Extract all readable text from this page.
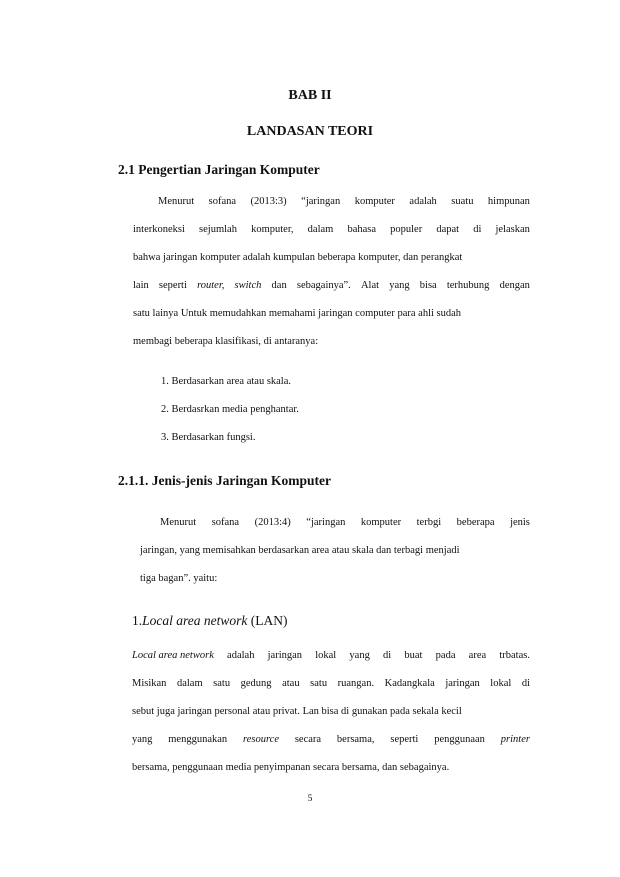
BAB II
LANDASAN TEORI
2.1 Pengertian Jaringan Komputer
Menurut sofana (2013:3) “jaringan komputer adalah suatu himpunan
interkoneksi sejumlah komputer, dalam bahasa populer dapat di jelaskan
bahwa jaringan komputer adalah kumpulan beberapa komputer, dan perangkat
lain seperti router, switch dan sebagainya”. Alat yang bisa terhubung dengan
satu lainya Untuk memudahkan memahami jaringan computer para ahli sudah
membagi beberapa klasifikasi, di antaranya:
1. Berdasarkan area atau skala.
2. Berdasrkan media penghantar.
3. Berdasarkan fungsi.
2.1.1. Jenis-jenis Jaringan Komputer
Menurut sofana (2013:4) “jaringan komputer terbgi beberapa jenis
jaringan, yang memisahkan berdasarkan area atau skala dan terbagi menjadi
tiga bagan”. yaitu:
1.Local area network (LAN)
Local area network adalah jaringan lokal yang di buat pada area trbatas.
Misikan dalam satu gedung atau satu ruangan. Kadangkala jaringan lokal di
sebut juga jaringan personal atau privat. Lan bisa di gunakan pada sekala kecil
yang menggunakan resource secara bersama, seperti penggunaan printer
bersama, penggunaan media penyimpanan secara bersama, dan sebagainya.
5
